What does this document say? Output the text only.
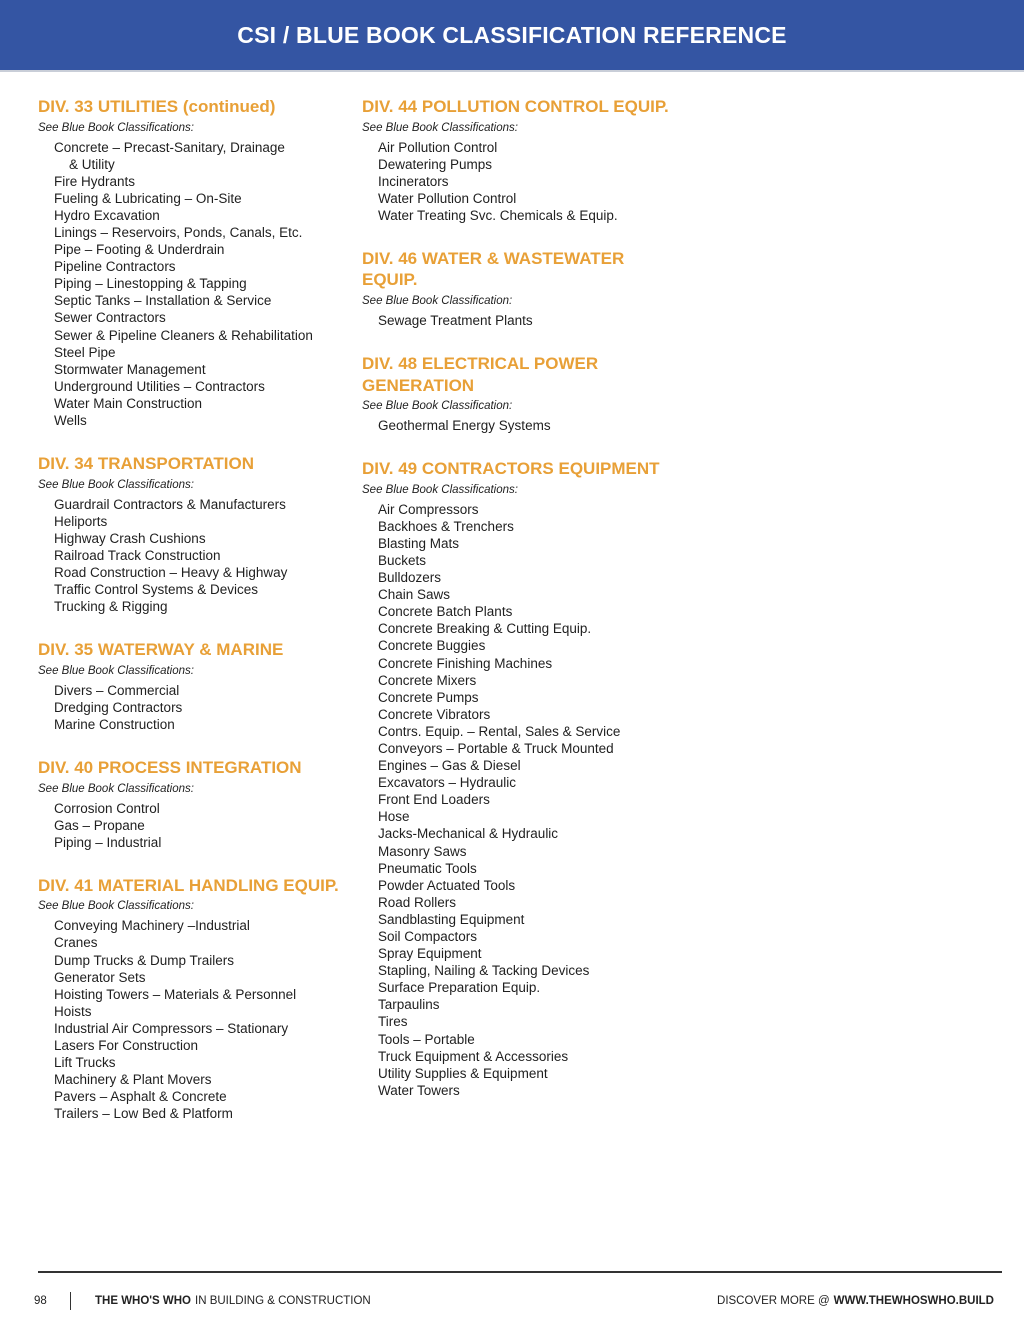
CSI / BLUE BOOK CLASSIFICATION REFERENCE
DIV. 33 UTILITIES (continued)
See Blue Book Classifications:
Concrete – Precast-Sanitary, Drainage
& Utility
Fire Hydrants
Fueling & Lubricating – On-Site
Hydro Excavation
Linings – Reservoirs, Ponds, Canals, Etc.
Pipe – Footing & Underdrain
Pipeline Contractors
Piping – Linestopping & Tapping
Septic Tanks – Installation & Service
Sewer Contractors
Sewer & Pipeline Cleaners & Rehabilitation
Steel Pipe
Stormwater Management
Underground Utilities – Contractors
Water Main Construction
Wells
DIV. 34 TRANSPORTATION
See Blue Book Classifications:
Guardrail Contractors & Manufacturers
Heliports
Highway Crash Cushions
Railroad Track Construction
Road Construction – Heavy & Highway
Traffic Control Systems & Devices
Trucking & Rigging
DIV. 35 WATERWAY & MARINE
See Blue Book Classifications:
Divers – Commercial
Dredging Contractors
Marine Construction
DIV. 40 PROCESS INTEGRATION
See Blue Book Classifications:
Corrosion Control
Gas – Propane
Piping – Industrial
DIV. 41 MATERIAL HANDLING EQUIP.
See Blue Book Classifications:
Conveying Machinery –Industrial
Cranes
Dump Trucks & Dump Trailers
Generator Sets
Hoisting Towers – Materials & Personnel
Hoists
Industrial Air Compressors – Stationary
Lasers For Construction
Lift Trucks
Machinery & Plant Movers
Pavers – Asphalt & Concrete
Trailers – Low Bed & Platform
DIV. 44 POLLUTION CONTROL EQUIP.
See Blue Book Classifications:
Air Pollution Control
Dewatering Pumps
Incinerators
Water Pollution Control
Water Treating Svc. Chemicals & Equip.
DIV. 46 WATER & WASTEWATER
EQUIP.
See Blue Book Classification:
Sewage Treatment Plants
DIV. 48 ELECTRICAL POWER
GENERATION
See Blue Book Classification:
Geothermal Energy Systems
DIV. 49 CONTRACTORS EQUIPMENT
See Blue Book Classifications:
Air Compressors
Backhoes & Trenchers
Blasting Mats
Buckets
Bulldozers
Chain Saws
Concrete Batch Plants
Concrete Breaking & Cutting Equip.
Concrete Buggies
Concrete Finishing Machines
Concrete Mixers
Concrete Pumps
Concrete Vibrators
Contrs. Equip. – Rental, Sales & Service
Conveyors – Portable & Truck Mounted
Engines – Gas & Diesel
Excavators – Hydraulic
Front End Loaders
Hose
Jacks-Mechanical & Hydraulic
Masonry Saws
Pneumatic Tools
Powder Actuated Tools
Road Rollers
Sandblasting Equipment
Soil Compactors
Spray Equipment
Stapling, Nailing & Tacking Devices
Surface Preparation Equip.
Tarpaulins
Tires
Tools – Portable
Truck Equipment & Accessories
Utility Supplies & Equipment
Water Towers
98	THE WHO'S WHO IN BUILDING & CONSTRUCTION	DISCOVER MORE @ WWW.THEWHOSWHO.BUILD
